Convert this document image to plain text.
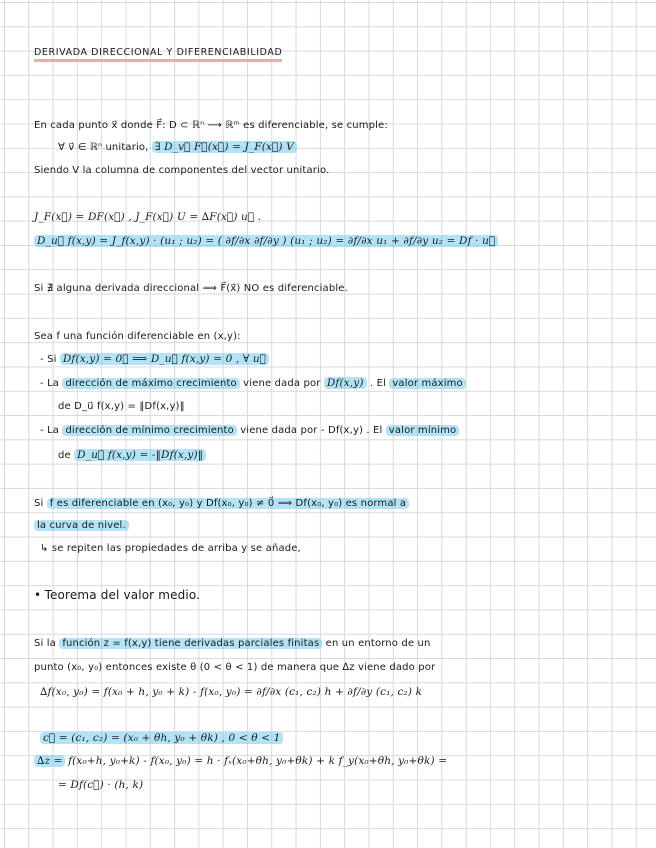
DERIVADA DIRECCIONAL Y DIFERENCIABILIDAD
En cada punto x⃗ donde F⃗: D ⊂ ℝⁿ ⟶ ℝᵐ es diferenciable, se cumple:
∀ v⃗ ∈ ℝⁿ unitario, ∃ D_v⃗ F⃗(x⃗) = J_F(x⃗) V
Siendo V la columna de componentes del vector unitario.
J_F(x⃗) = DF(x⃗) , J_F(x⃗) U = ∆F(x⃗) u⃗ .
D_u⃗ f(x,y) = J_f(x,y) · (u₁ ; u₂) = ( ∂f/∂x ∂f/∂y ) (u₁ ; u₂) = ∂f/∂x u₁ + ∂f/∂y u₂ = Df · u⃗
Si ∄ alguna derivada direccional ⟹ F⃗(x⃗) NO es diferenciable.
Sea f una función diferenciable en (x,y):
- Si Df(x,y) = 0⃗ ⟹ D_u⃗ f(x,y) = 0 , ∀ u⃗
- La dirección de máximo crecimiento viene dada por Df(x,y) . El valor máximo
de D_u⃗ f(x,y) = ‖Df(x,y)‖
- La dirección de mínimo crecimiento viene dada por - Df(x,y) . El valor mínimo
de D_u⃗ f(x,y) = -‖Df(x,y)‖
Si f es diferenciable en (x₀, y₀) y Df(x₀, y₀) ≠ 0⃗ ⟹ Df(x₀, y₀) es normal a
la curva de nivel.
↳ se repiten las propiedades de arriba y se añade,
• Teorema del valor medio.
Si la función z = f(x,y) tiene derivadas parciales finitas en un entorno de un
punto (x₀, y₀) entonces existe θ (0 < θ < 1) de manera que ∆z viene dado por
∆f(x₀, y₀) = f(x₀ + h, y₀ + k) - f(x₀, y₀) = ∂f/∂x (c₁, c₂) h + ∂f/∂y (c₁, c₂) k
c⃗ = (c₁, c₂) = (x₀ + θh, y₀ + θk) , 0 < θ < 1
∆z = f(x₀+h, y₀+k) - f(x₀, y₀) = h · fₓ(x₀+θh, y₀+θk) + k f_y(x₀+θh, y₀+θk) =
= Df(c⃗) · (h, k)
